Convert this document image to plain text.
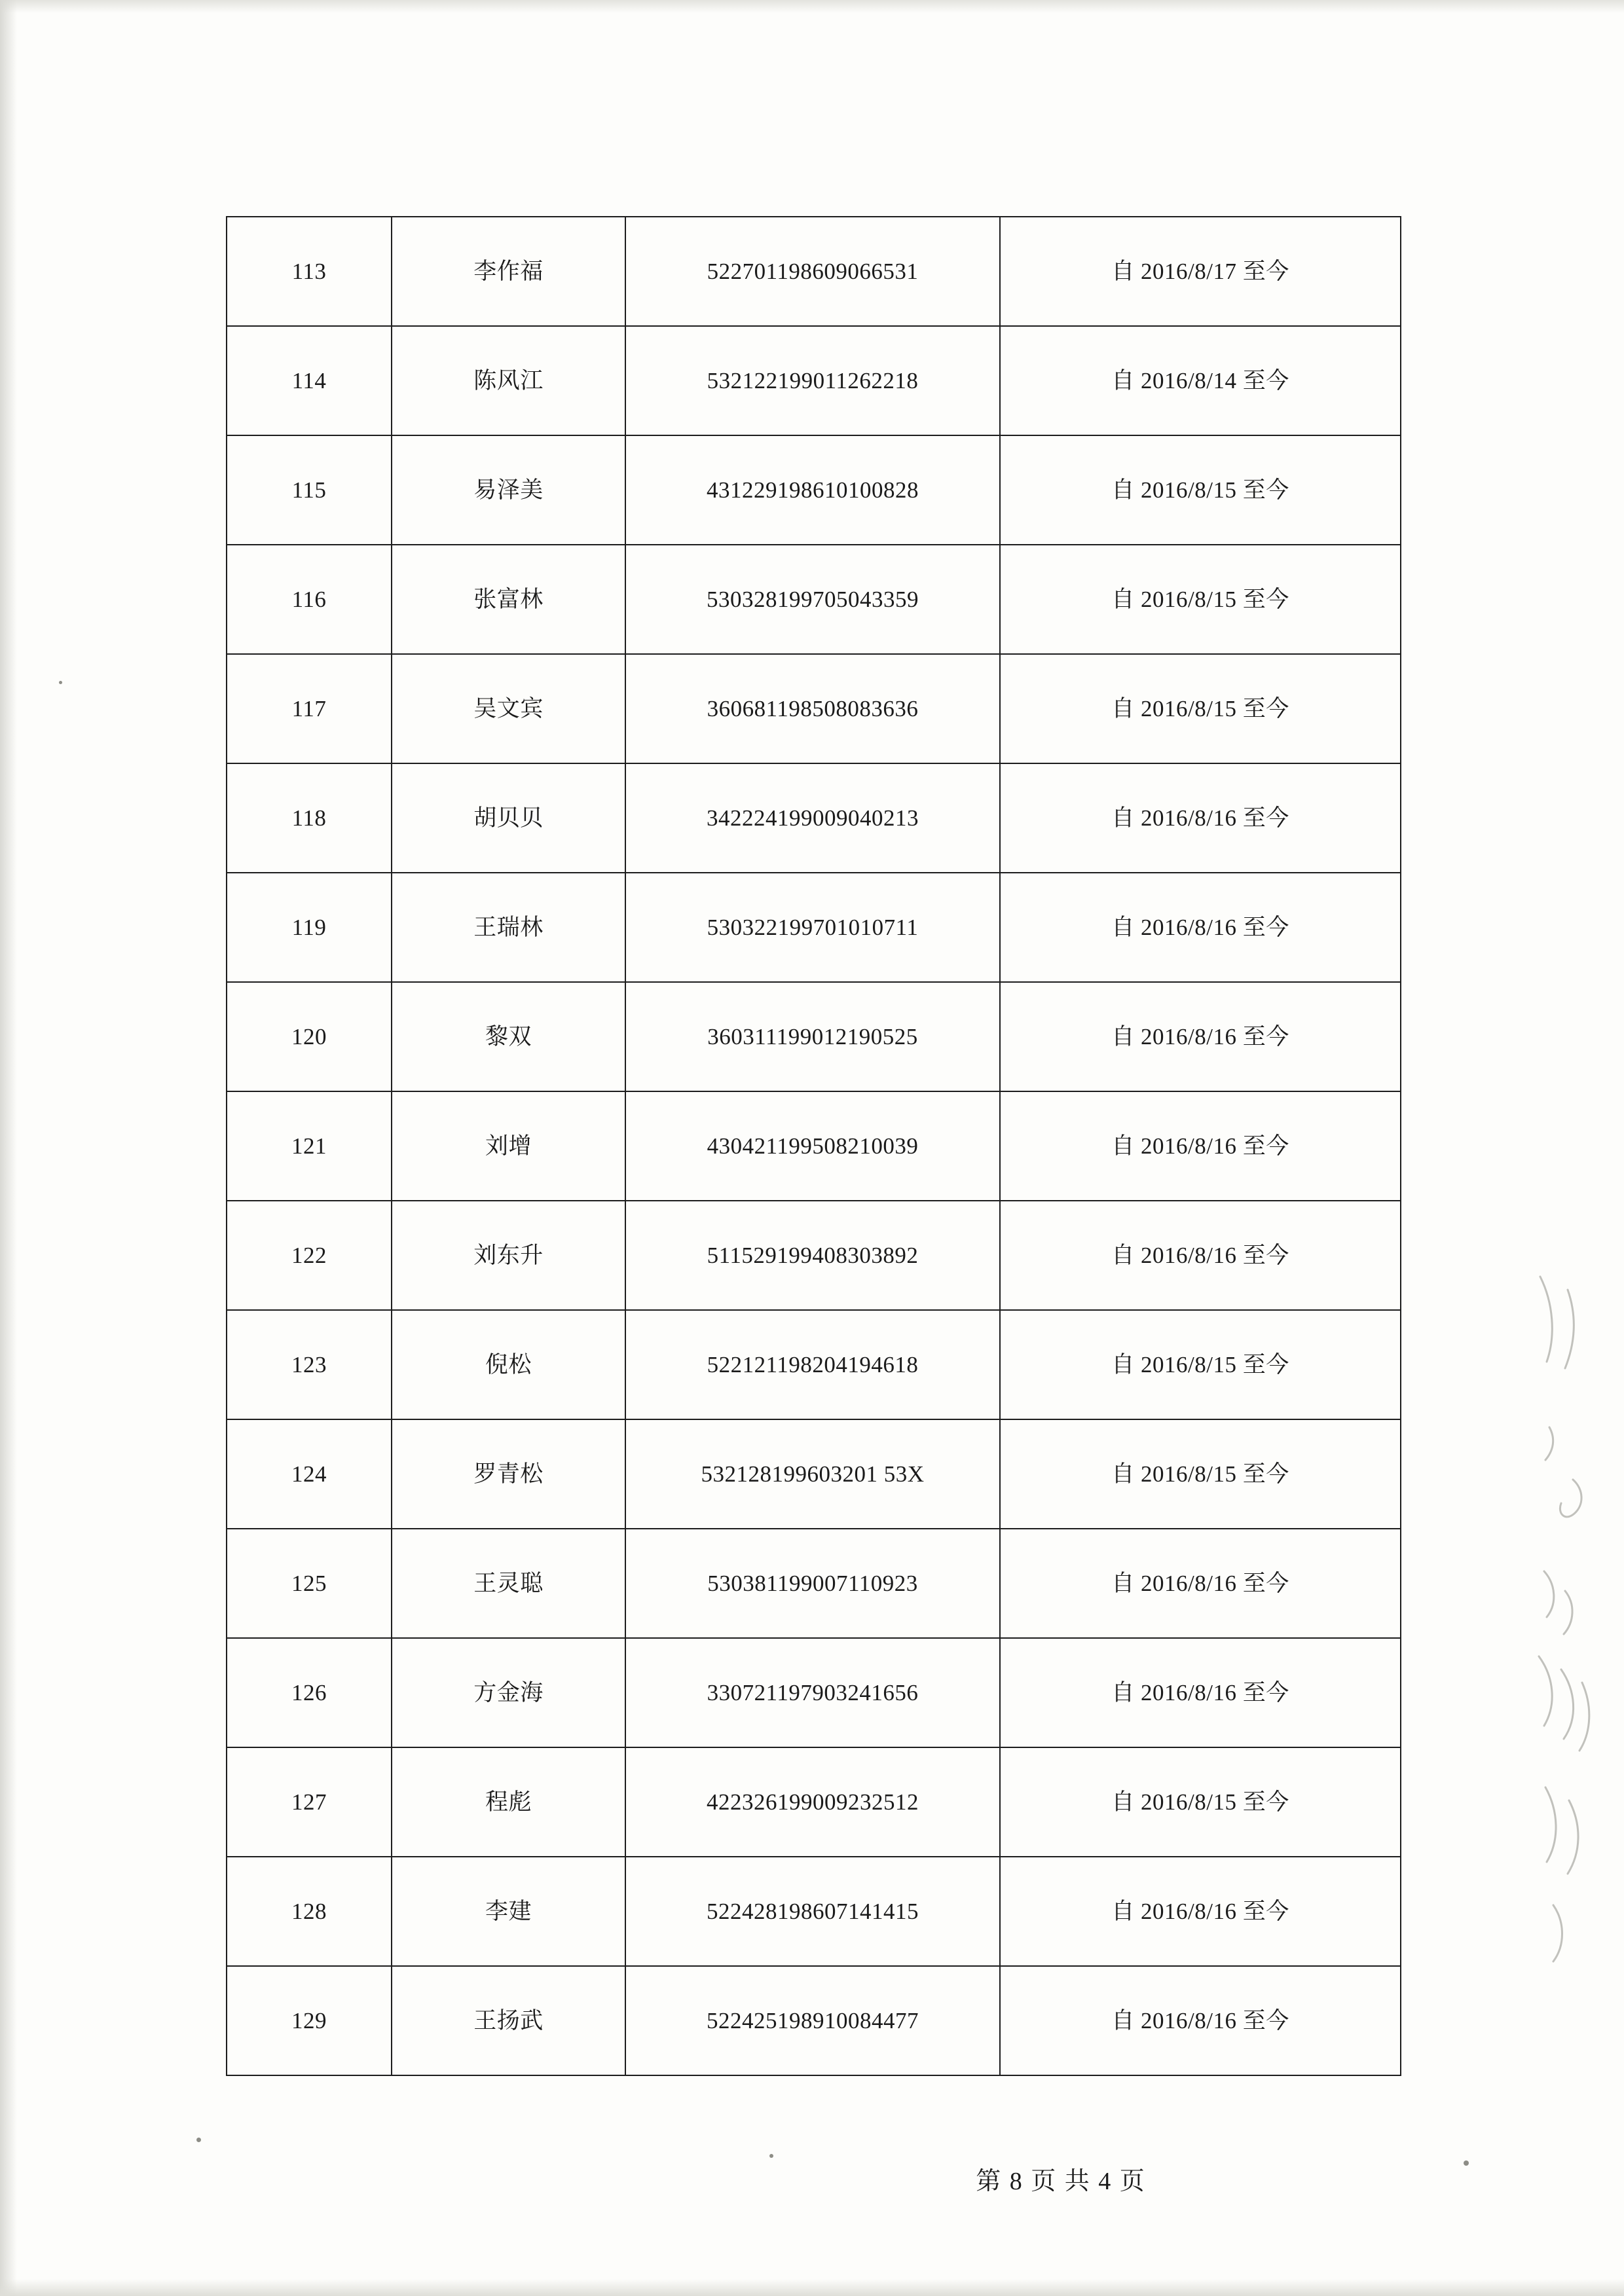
113	李作福	522701198609066531	自 2016/8/17 至今
114	陈风江	532122199011262218	自 2016/8/14 至今
115	易泽美	431229198610100828	自 2016/8/15 至今
116	张富林	530328199705043359	自 2016/8/15 至今
117	吴文宾	360681198508083636	自 2016/8/15 至今
118	胡贝贝	342224199009040213	自 2016/8/16 至今
119	王瑞林	530322199701010711	自 2016/8/16 至今
120	黎双	360311199012190525	自 2016/8/16 至今
121	刘增	430421199508210039	自 2016/8/16 至今
122	刘东升	511529199408303892	自 2016/8/16 至今
123	倪松	522121198204194618	自 2016/8/15 至今
124	罗青松	532128199603201 53X	自 2016/8/15 至今
125	王灵聪	530381199007110923	自 2016/8/16 至今
126	方金海	330721197903241656	自 2016/8/16 至今
127	程彪	422326199009232512	自 2016/8/15 至今
128	李建	522428198607141415	自 2016/8/16 至今
129	王扬武	522425198910084477	自 2016/8/16 至今
第 8 页 共 4 页
